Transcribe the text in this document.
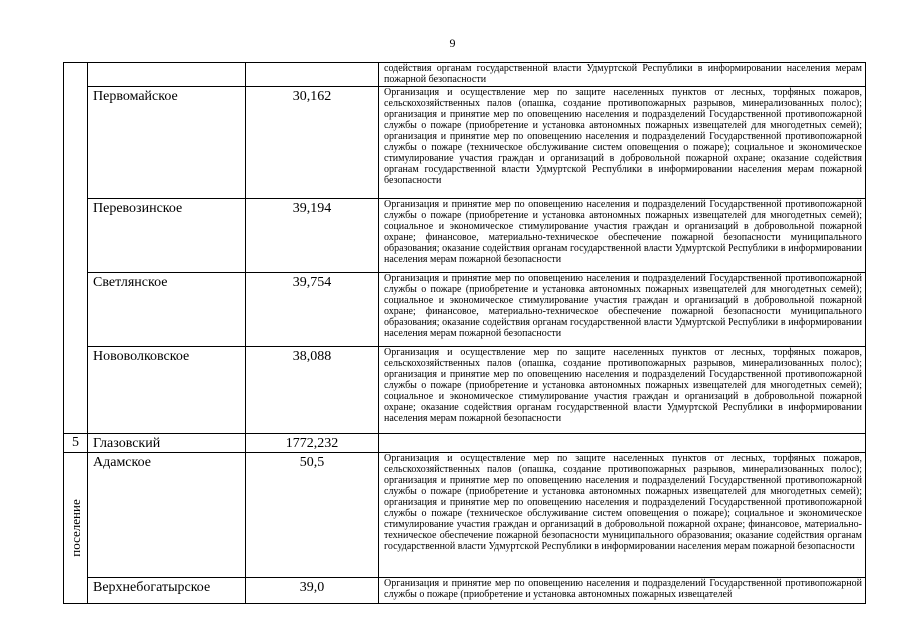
9

			содействия органам государственной власти Удмуртской Республики в информировании населения мерам пожарной безопасности

	Первомайское	30,162	Организация и осуществление мер по защите населенных пунктов от лесных, торфяных пожаров, сельскохозяйственных палов (опашка, создание противопожарных разрывов, минерализованных полос); организация и принятие мер по оповещению населения и подразделений Государственной противопожарной службы о пожаре (приобретение и установка автономных пожарных извещателей для многодетных семей); организация и принятие мер по оповещению населения и подразделений Государственной противопожарной службы о пожаре (техническое обслуживание систем оповещения о пожаре); социальное и экономическое стимулирование участия граждан и организаций в добровольной пожарной охране; оказание содействия органам государственной власти Удмуртской Республики в информировании населения мерам пожарной безопасности

	Перевозинское	39,194	Организация и принятие мер по оповещению населения и подразделений Государственной противопожарной службы о пожаре (приобретение и установка автономных пожарных извещателей для многодетных семей); социальное и экономическое стимулирование участия граждан и организаций в добровольной пожарной охране; финансовое, материально-техническое обеспечение пожарной безопасности муниципального образования; оказание содействия органам государственной власти Удмуртской Республики в информировании населения мерам пожарной безопасности

	Светлянское	39,754	Организация и принятие мер по оповещению населения и подразделений Государственной противопожарной службы о пожаре (приобретение и установка автономных пожарных извещателей для многодетных семей); социальное и экономическое стимулирование участия граждан и организаций в добровольной пожарной охране; финансовое, материально-техническое обеспечение пожарной безопасности муниципального образования; оказание содействия органам государственной власти Удмуртской Республики в информировании населения мерам пожарной безопасности

	Нововолковское	38,088	Организация и осуществление мер по защите населенных пунктов от лесных, торфяных пожаров, сельскохозяйственных палов (опашка, создание противопожарных разрывов, минерализованных полос); организация и принятие мер по оповещению населения и подразделений Государственной противопожарной службы о пожаре (приобретение и установка автономных пожарных извещателей для многодетных семей); социальное и экономическое стимулирование участия граждан и организаций в добровольной пожарной охране; оказание содействия органам государственной власти Удмуртской Республики в информировании населения мерам пожарной безопасности

5	Глазовский	1772,232	

поселение	Адамское	50,5	Организация и осуществление мер по защите населенных пунктов от лесных, торфяных пожаров, сельскохозяйственных палов (опашка, создание противопожарных разрывов, минерализованных полос); организация и принятие мер по оповещению населения и подразделений Государственной противопожарной службы о пожаре (приобретение и установка автономных пожарных извещателей для многодетных семей); организация и принятие мер по оповещению населения и подразделений Государственной противопожарной службы о пожаре (техническое обслуживание систем оповещения о пожаре); социальное и экономическое стимулирование участия граждан и организаций в добровольной пожарной охране; финансовое, материально-техническое обеспечение пожарной безопасности муниципального образования; оказание содействия органам государственной власти Удмуртской Республики в информировании населения мерам пожарной безопасности

	Верхнебогатырское	39,0	Организация и принятие мер по оповещению населения и подразделений Государственной противопожарной службы о пожаре (приобретение и установка автономных пожарных извещателей
